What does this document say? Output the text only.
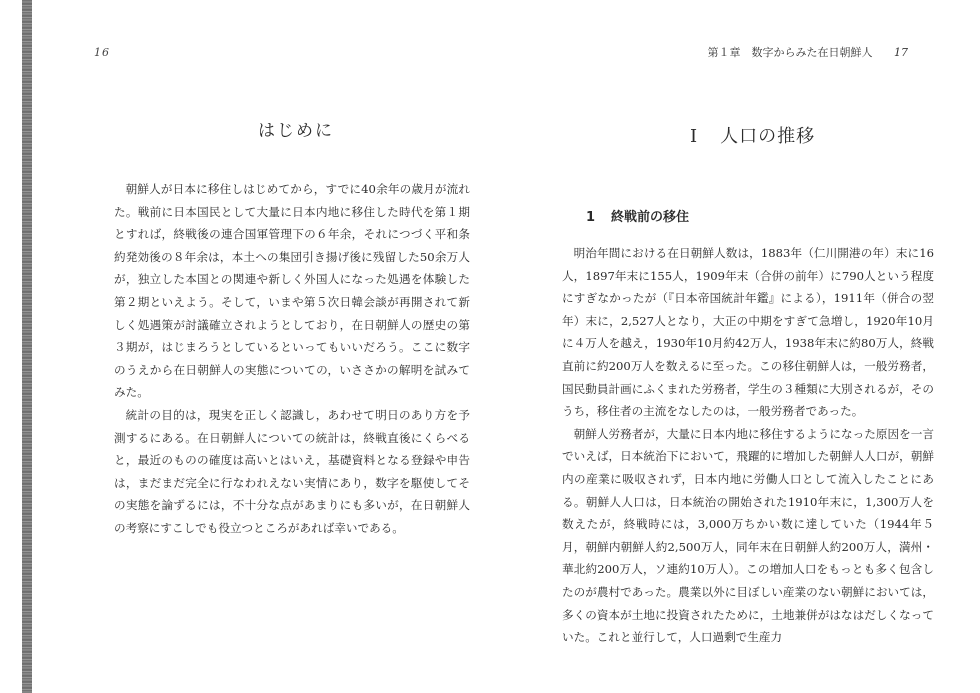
16
はじめに

朝鮮人が日本に移住しはじめてから，すでに40余年の歳月が流れた。戦前に日本国民として大量に日本内地に移住した時代を第１期とすれば，終戦後の連合国軍管理下の６年余，それにつづく平和条約発効後の８年余は，本土への集団引き揚げ後に残留した50余万人が，独立した本国との関連や新しく外国人になった処遇を体験した第２期といえよう。そして，いまや第５次日韓会談が再開されて新しく処遇策が討議確立されようとしており，在日朝鮮人の歴史の第３期が，はじまろうとしているといってもいいだろう。ここに数字のうえから在日朝鮮人の実態についての，いささかの解明を試みてみた。

統計の目的は，現実を正しく認識し，あわせて明日のあり方を予測するにある。在日朝鮮人についての統計は，終戦直後にくらべると，最近のものの確度は高いとはいえ，基礎資料となる登録や申告は，まだまだ完全に行なわれえない実情にあり，数字を駆使してその実態を論ずるには，不十分な点があまりにも多いが，在日朝鮮人の考察にすこしでも役立つところがあれば幸いである。

第１章　数字からみた在日朝鮮人 17
I 人口の推移
1 終戦前の移住

明治年間における在日朝鮮人数は，1883年（仁川開港の年）末に16人，1897年末に155人，1909年末（合併の前年）に790人という程度にすぎなかったが（『日本帝国統計年鑑』による），1911年（併合の翌年）末に，2,527人となり，大正の中期をすぎて急増し，1920年10月に４万人を越え，1930年10月約42万人，1938年末に約80万人，終戦直前に約200万人を数えるに至った。この移住朝鮮人は，一般労務者，国民動員計画にふくまれた労務者，学生の３種類に大別されるが，そのうち，移住者の主流をなしたのは，一般労務者であった。

朝鮮人労務者が，大量に日本内地に移住するようになった原因を一言でいえば，日本統治下において，飛躍的に増加した朝鮮人人口が，朝鮮内の産業に吸収されず，日本内地に労働人口として流入したことにある。朝鮮人人口は，日本統治の開始された1910年末に，1,300万人を数えたが，終戦時には，3,000万ちかい数に達していた（1944年５月，朝鮮内朝鮮人約2,500万人，同年末在日朝鮮人約200万人，満州・華北約200万人，ソ連約10万人）。この増加人口をもっとも多く包含したのが農村であった。農業以外に目ぼしい産業のない朝鮮においては，多くの資本が土地に投資されたために，土地兼併がはなはだしくなっていた。これと並行して，人口過剰で生産力
